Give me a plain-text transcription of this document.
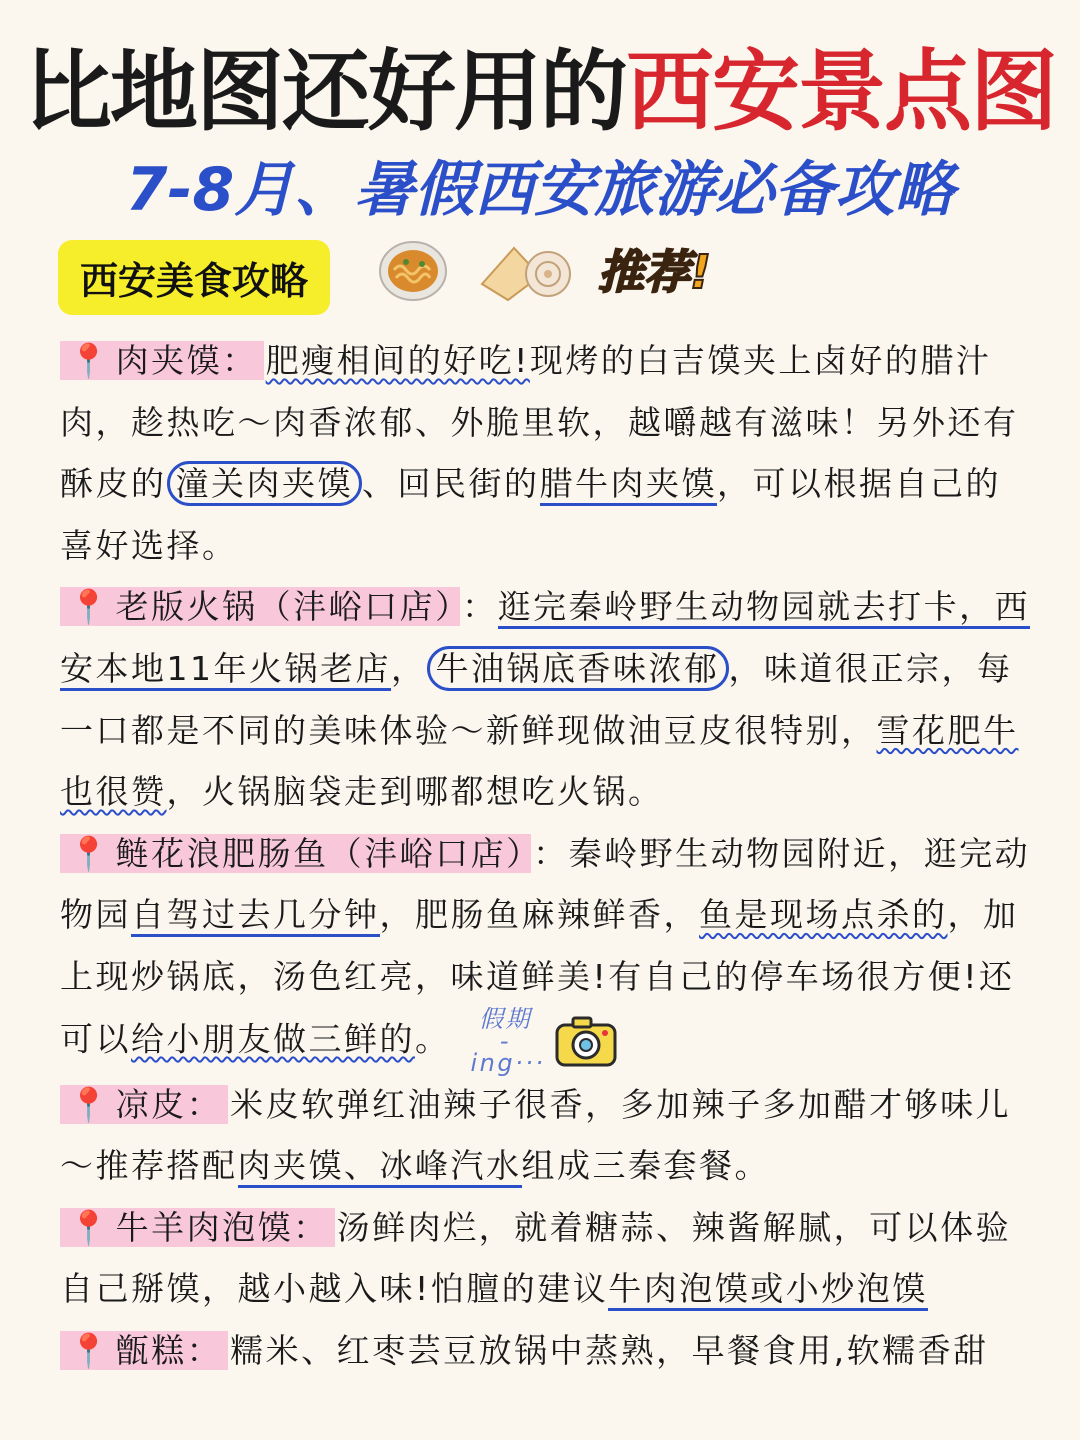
比地图还好用的西安景点图
7-8月、暑假西安旅游必备攻略
西安美食攻略	推荐!

📍 肉夹馍： 肥瘦相间的好吃!现烤的白吉馍夹上卤好的腊汁肉，趁热吃～肉香浓郁、外脆里软，越嚼越有滋味！另外还有酥皮的 潼关肉夹馍 、回民街的腊牛肉夹馍，可以根据自己的喜好选择。

📍 老版火锅（沣峪口店） ：逛完秦岭野生动物园就去打卡，西安本地11年火锅老店， 牛油锅底香味浓郁 ，味道很正宗，每一口都是不同的美味体验～新鲜现做油豆皮很特别，雪花肥牛也很赞，火锅脑袋走到哪都想吃火锅。

📍 鲢花浪肥肠鱼（沣峪口店） ：秦岭野生动物园附近，逛完动物园自驾过去几分钟，肥肠鱼麻辣鲜香，鱼是现场点杀的，加上现炒锅底，汤色红亮，味道鲜美!有自己的停车场很方便!还可以给小朋友做三鲜的。假期 -ing···

📍 凉皮： 米皮软弹红油辣子很香，多加辣子多加醋才够味儿～推荐搭配肉夹馍、冰峰汽水组成三秦套餐。

📍 牛羊肉泡馍： 汤鲜肉烂，就着糖蒜、辣酱解腻，可以体验自己掰馍，越小越入味!怕膻的建议牛肉泡馍或小炒泡馍

📍 甑糕： 糯米、红枣芸豆放锅中蒸熟，早餐食用,软糯香甜
